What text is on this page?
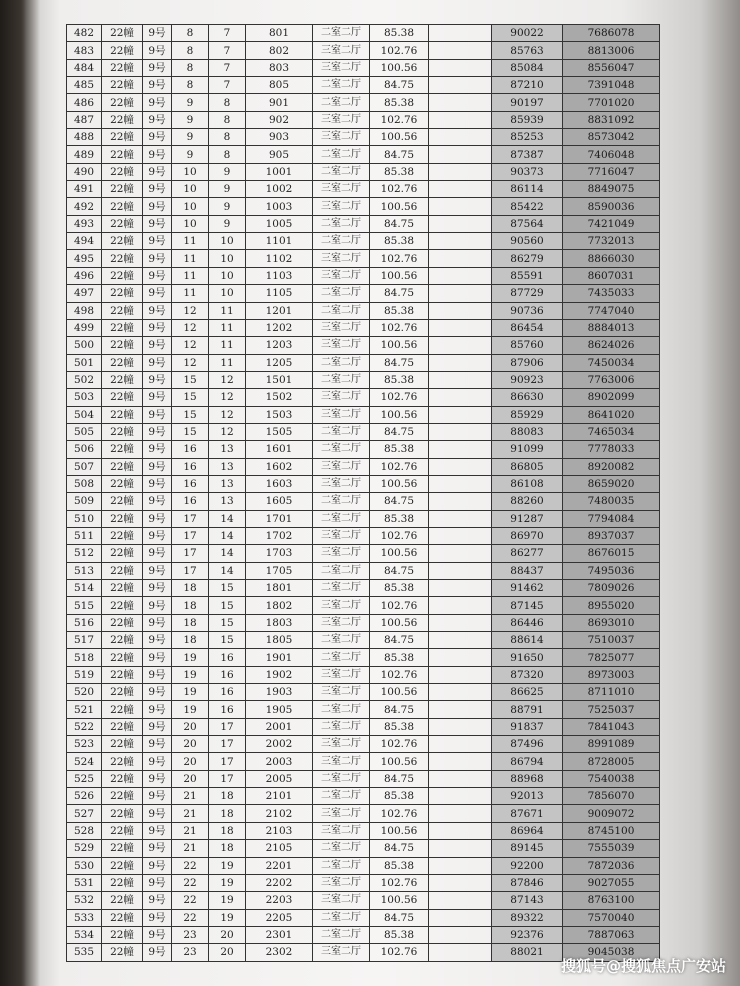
482	22幢	9号	8	7	801	二室二厅	85.38		90022	7686078
483	22幢	9号	8	7	802	三室二厅	102.76		85763	8813006
484	22幢	9号	8	7	803	三室二厅	100.56		85084	8556047
485	22幢	9号	8	7	805	二室二厅	84.75		87210	7391048
486	22幢	9号	9	8	901	二室二厅	85.38		90197	7701020
487	22幢	9号	9	8	902	三室二厅	102.76		85939	8831092
488	22幢	9号	9	8	903	三室二厅	100.56		85253	8573042
489	22幢	9号	9	8	905	二室二厅	84.75		87387	7406048
490	22幢	9号	10	9	1001	二室二厅	85.38		90373	7716047
491	22幢	9号	10	9	1002	三室二厅	102.76		86114	8849075
492	22幢	9号	10	9	1003	三室二厅	100.56		85422	8590036
493	22幢	9号	10	9	1005	二室二厅	84.75		87564	7421049
494	22幢	9号	11	10	1101	二室二厅	85.38		90560	7732013
495	22幢	9号	11	10	1102	三室二厅	102.76		86279	8866030
496	22幢	9号	11	10	1103	三室二厅	100.56		85591	8607031
497	22幢	9号	11	10	1105	二室二厅	84.75		87729	7435033
498	22幢	9号	12	11	1201	二室二厅	85.38		90736	7747040
499	22幢	9号	12	11	1202	三室二厅	102.76		86454	8884013
500	22幢	9号	12	11	1203	三室二厅	100.56		85760	8624026
501	22幢	9号	12	11	1205	二室二厅	84.75		87906	7450034
502	22幢	9号	15	12	1501	二室二厅	85.38		90923	7763006
503	22幢	9号	15	12	1502	三室二厅	102.76		86630	8902099
504	22幢	9号	15	12	1503	三室二厅	100.56		85929	8641020
505	22幢	9号	15	12	1505	二室二厅	84.75		88083	7465034
506	22幢	9号	16	13	1601	二室二厅	85.38		91099	7778033
507	22幢	9号	16	13	1602	三室二厅	102.76		86805	8920082
508	22幢	9号	16	13	1603	三室二厅	100.56		86108	8659020
509	22幢	9号	16	13	1605	二室二厅	84.75		88260	7480035
510	22幢	9号	17	14	1701	二室二厅	85.38		91287	7794084
511	22幢	9号	17	14	1702	三室二厅	102.76		86970	8937037
512	22幢	9号	17	14	1703	三室二厅	100.56		86277	8676015
513	22幢	9号	17	14	1705	二室二厅	84.75		88437	7495036
514	22幢	9号	18	15	1801	二室二厅	85.38		91462	7809026
515	22幢	9号	18	15	1802	三室二厅	102.76		87145	8955020
516	22幢	9号	18	15	1803	三室二厅	100.56		86446	8693010
517	22幢	9号	18	15	1805	二室二厅	84.75		88614	7510037
518	22幢	9号	19	16	1901	二室二厅	85.38		91650	7825077
519	22幢	9号	19	16	1902	三室二厅	102.76		87320	8973003
520	22幢	9号	19	16	1903	三室二厅	100.56		86625	8711010
521	22幢	9号	19	16	1905	二室二厅	84.75		88791	7525037
522	22幢	9号	20	17	2001	二室二厅	85.38		91837	7841043
523	22幢	9号	20	17	2002	三室二厅	102.76		87496	8991089
524	22幢	9号	20	17	2003	三室二厅	100.56		86794	8728005
525	22幢	9号	20	17	2005	二室二厅	84.75		88968	7540038
526	22幢	9号	21	18	2101	二室二厅	85.38		92013	7856070
527	22幢	9号	21	18	2102	三室二厅	102.76		87671	9009072
528	22幢	9号	21	18	2103	三室二厅	100.56		86964	8745100
529	22幢	9号	21	18	2105	二室二厅	84.75		89145	7555039
530	22幢	9号	22	19	2201	二室二厅	85.38		92200	7872036
531	22幢	9号	22	19	2202	三室二厅	102.76		87846	9027055
532	22幢	9号	22	19	2203	三室二厅	100.56		87143	8763100
533	22幢	9号	22	19	2205	二室二厅	84.75		89322	7570040
534	22幢	9号	23	20	2301	二室二厅	85.38		92376	7887063
535	22幢	9号	23	20	2302	三室二厅	102.76		88021	9045038
搜狐号@搜狐焦点广安站
